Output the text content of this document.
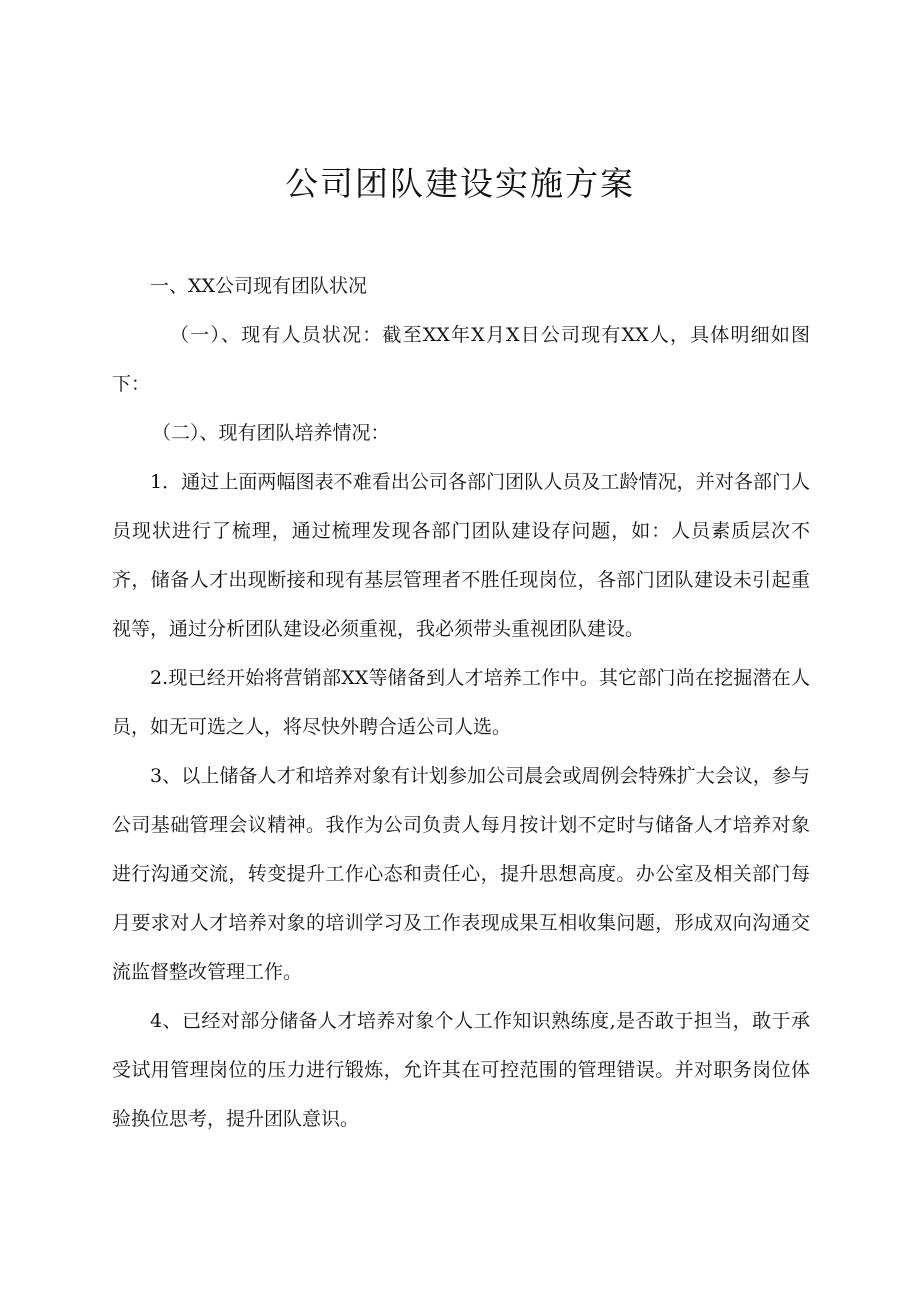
公司团队建设实施方案

一、XX公司现有团队状况

（一）、现有人员状况：截至XX年X月X日公司现有XX人，具体明细如图下：

（二）、现有团队培养情况：

1．通过上面两幅图表不难看出公司各部门团队人员及工龄情况，并对各部门人员现状进行了梳理，通过梳理发现各部门团队建设存问题，如：人员素质层次不齐，储备人才出现断接和现有基层管理者不胜任现岗位，各部门团队建设未引起重视等，通过分析团队建设必须重视，我必须带头重视团队建设。

2.现已经开始将营销部XX等储备到人才培养工作中。其它部门尚在挖掘潜在人员，如无可选之人，将尽快外聘合适公司人选。

3、以上储备人才和培养对象有计划参加公司晨会或周例会特殊扩大会议，参与公司基础管理会议精神。我作为公司负责人每月按计划不定时与储备人才培养对象进行沟通交流，转变提升工作心态和责任心，提升思想高度。办公室及相关部门每月要求对人才培养对象的培训学习及工作表现成果互相收集问题，形成双向沟通交流监督整改管理工作。

4、已经对部分储备人才培养对象个人工作知识熟练度,是否敢于担当，敢于承受试用管理岗位的压力进行锻炼，允许其在可控范围的管理错误。并对职务岗位体验换位思考，提升团队意识。
